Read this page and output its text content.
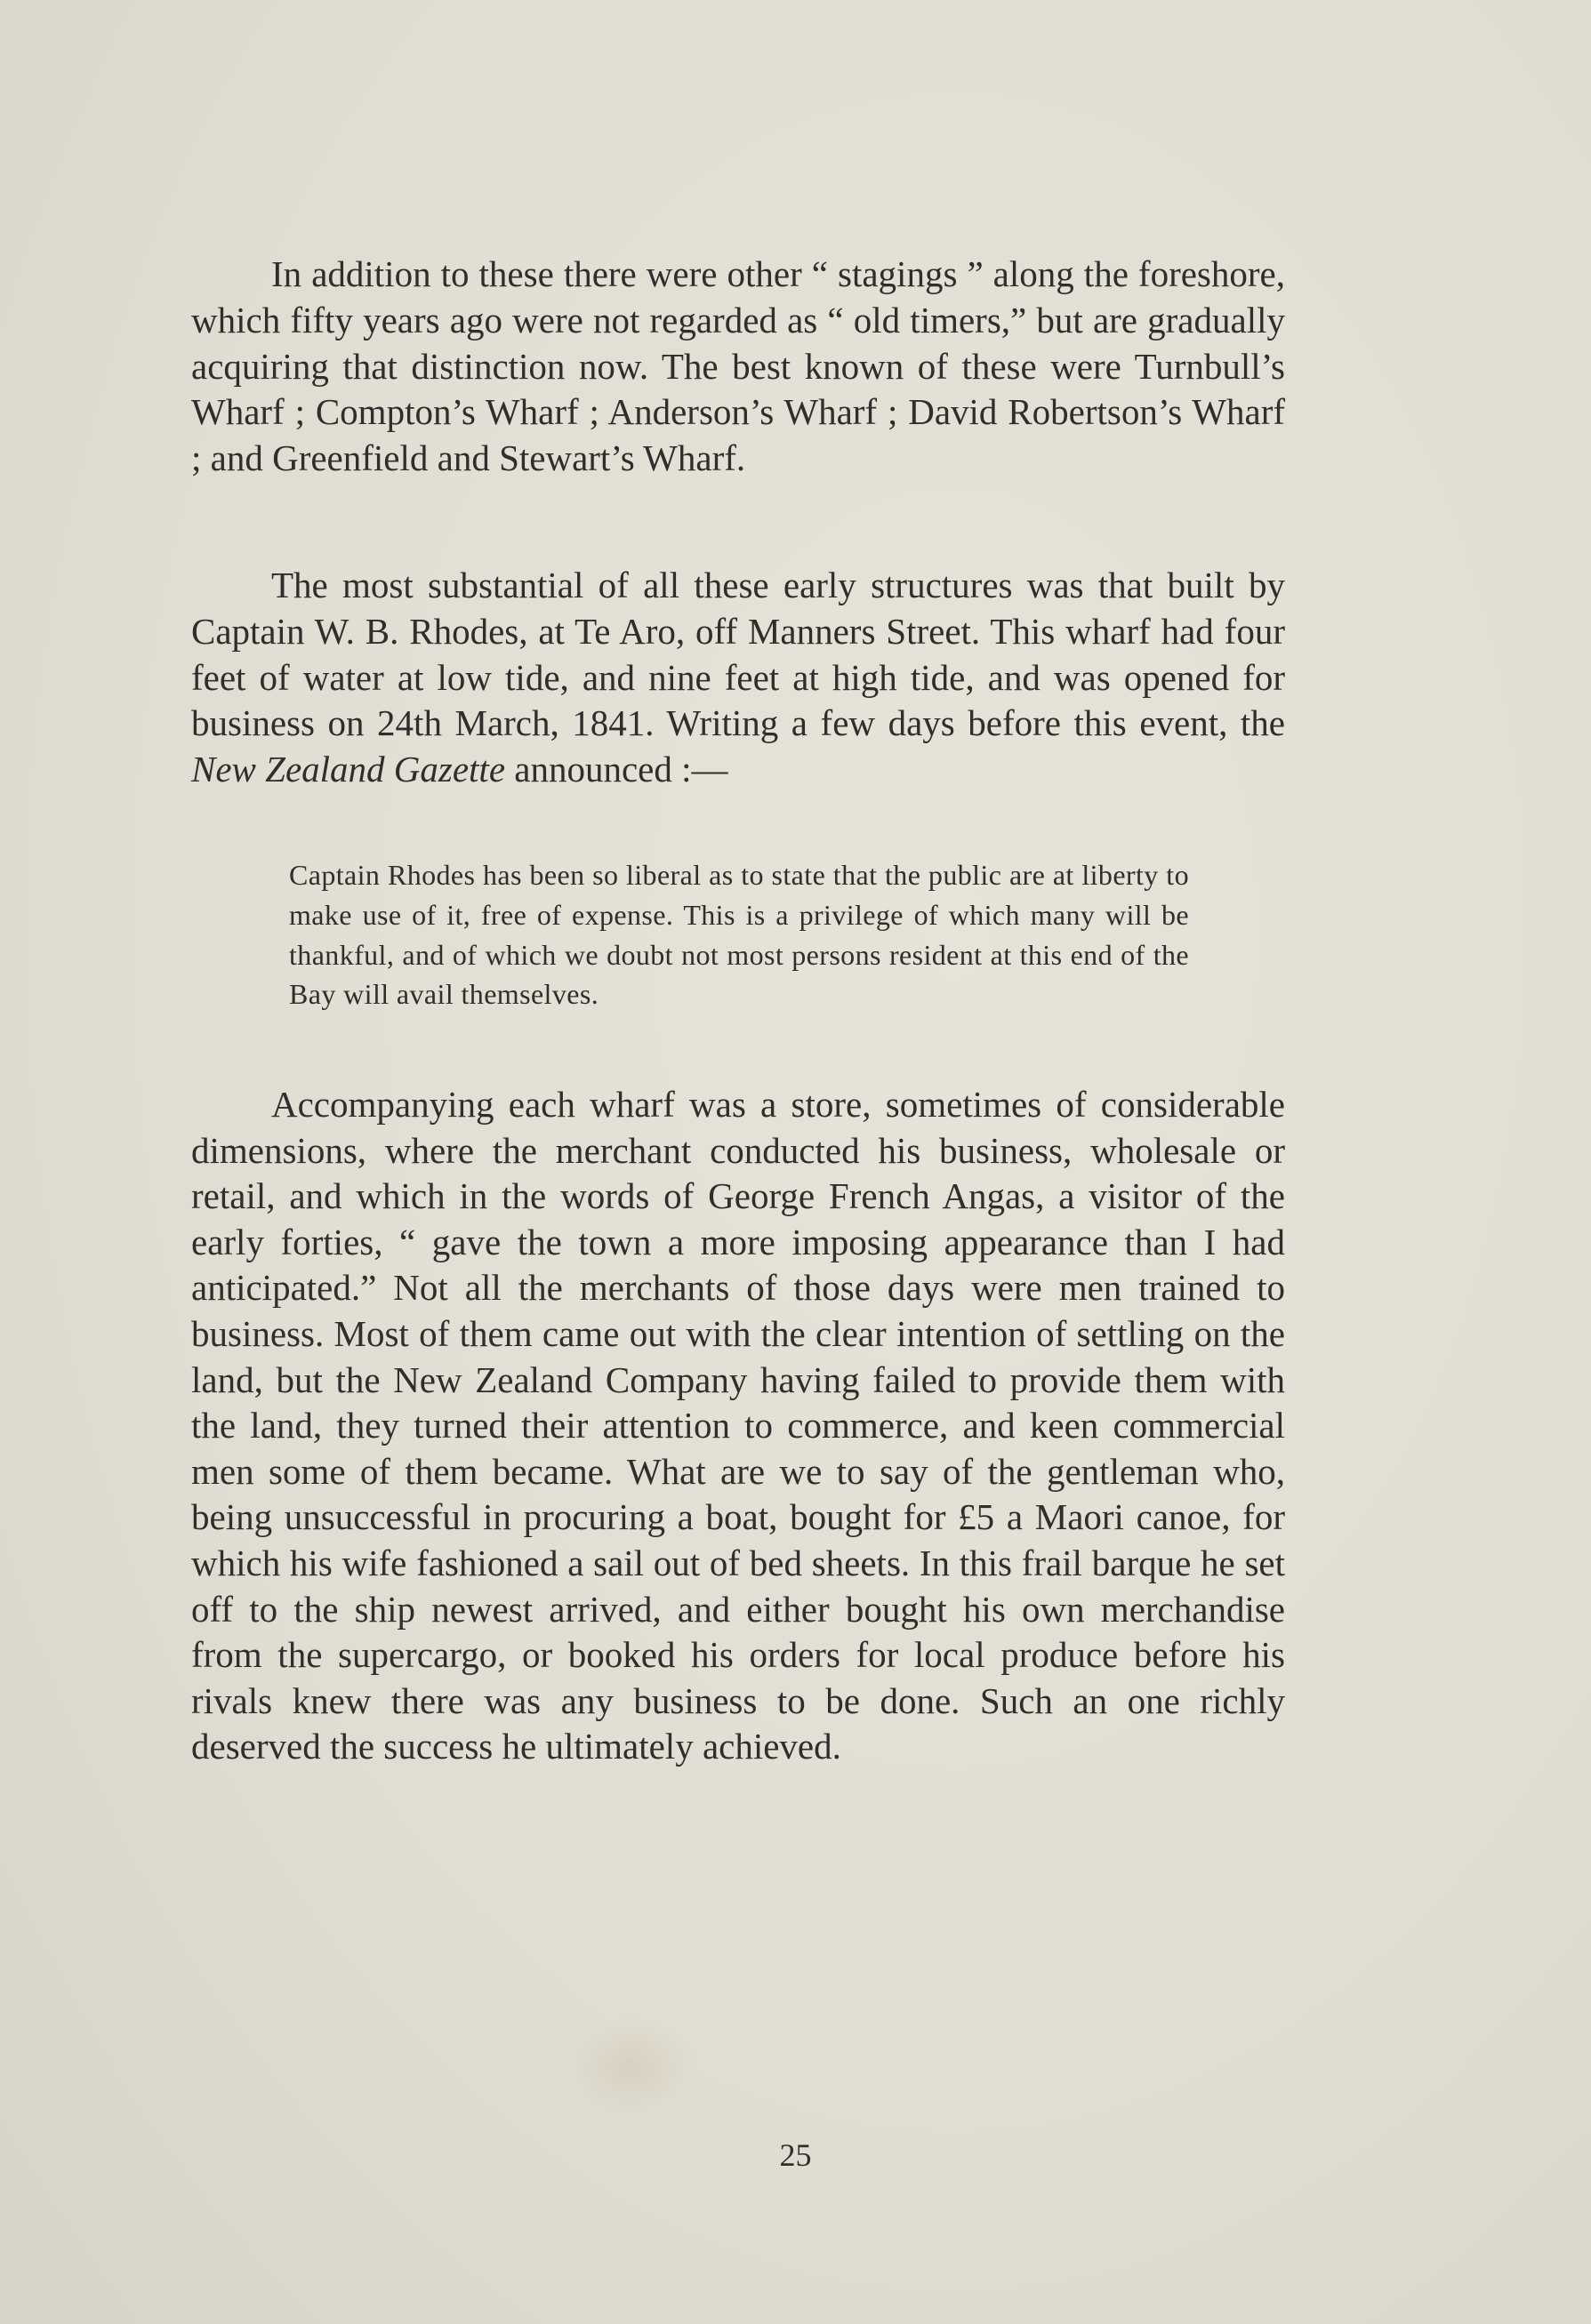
In addition to these there were other “ stagings ” along the foreshore, which fifty years ago were not regarded as “ old timers,” but are gradually acquiring that distinction now. The best known of these were Turnbull’s Wharf ; Compton’s Wharf ; Anderson’s Wharf ; David Robertson’s Wharf ; and Greenfield and Stewart’s Wharf.

The most substantial of all these early structures was that built by Captain W. B. Rhodes, at Te Aro, off Manners Street. This wharf had four feet of water at low tide, and nine feet at high tide, and was opened for business on 24th March, 1841. Writing a few days before this event, the New Zealand Gazette announced :—

Captain Rhodes has been so liberal as to state that the public are at liberty to make use of it, free of expense. This is a privilege of which many will be thankful, and of which we doubt not most persons resident at this end of the Bay will avail themselves.

Accompanying each wharf was a store, sometimes of considerable dimensions, where the merchant conducted his business, wholesale or retail, and which in the words of George French Angas, a visitor of the early forties, “ gave the town a more imposing appearance than I had anticipated.” Not all the merchants of those days were men trained to business. Most of them came out with the clear intention of settling on the land, but the New Zealand Company having failed to provide them with the land, they turned their attention to commerce, and keen commercial men some of them became. What are we to say of the gentleman who, being unsuccessful in procuring a boat, bought for £5 a Maori canoe, for which his wife fashioned a sail out of bed sheets. In this frail barque he set off to the ship newest arrived, and either bought his own merchandise from the supercargo, or booked his orders for local produce before his rivals knew there was any business to be done. Such an one richly deserved the success he ultimately achieved.

25
